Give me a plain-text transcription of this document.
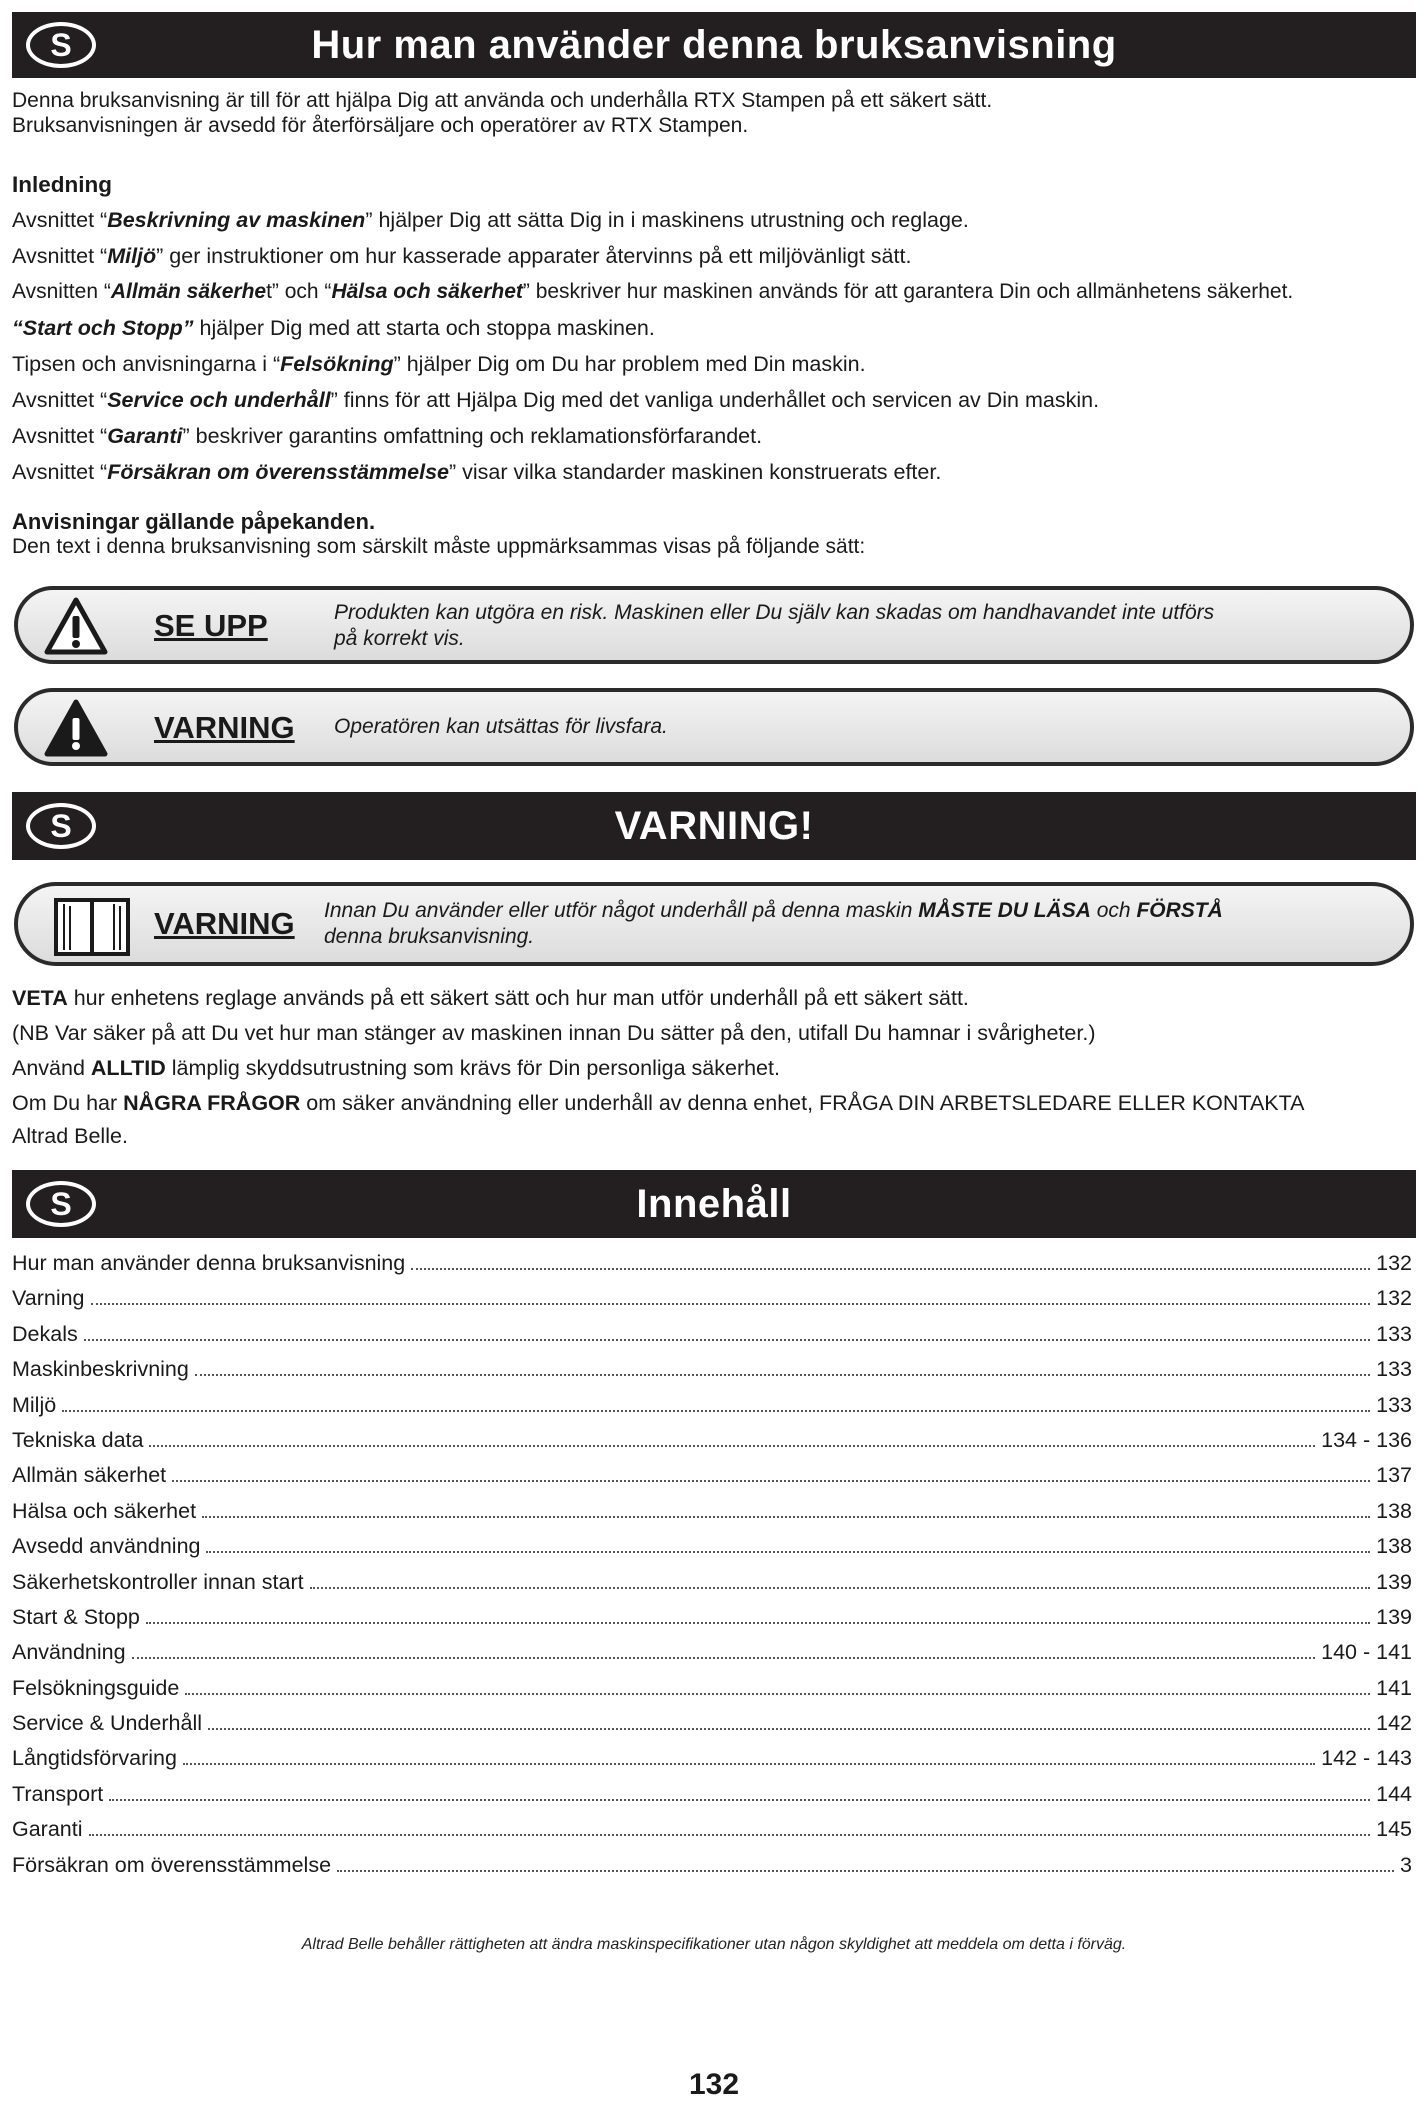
S	Hur man använder denna bruksanvisning

Denna bruksanvisning är till för att hjälpa Dig att använda och underhålla RTX Stampen på ett säkert sätt.

Bruksanvisningen är avsedd för återförsäljare och operatörer av RTX Stampen.

Inledning

Avsnittet “Beskrivning av maskinen” hjälper Dig att sätta Dig in i maskinens utrustning och reglage.

Avsnittet “Miljö” ger instruktioner om hur kasserade apparater återvinns på ett miljövänligt sätt.

Avsnitten “Allmän säkerhet” och “Hälsa och säkerhet” beskriver hur maskinen används för att garantera Din och allmänhetens säkerhet.

“Start och Stopp” hjälper Dig med att starta och stoppa maskinen.

Tipsen och anvisningarna i “Felsökning” hjälper Dig om Du har problem med Din maskin.

Avsnittet “Service och underhåll” finns för att Hjälpa Dig med det vanliga underhållet och servicen av Din maskin.

Avsnittet “Garanti” beskriver garantins omfattning och reklamationsförfarandet.

Avsnittet “Försäkran om överensstämmelse” visar vilka standarder maskinen konstruerats efter.

Anvisningar gällande påpekanden.

Den text i denna bruksanvisning som särskilt måste uppmärksammas visas på följande sätt:

SE UPP	Produkten kan utgöra en risk. Maskinen eller Du själv kan skadas om handhavandet inte utförs
på korrekt vis.
VARNING Operatören kan utsättas för livsfara.
S	VARNING!
VARNING Innan Du använder eller utför något underhåll på denna maskin MÅSTE DU LÄSA och FÖRSTÅ
denna bruksanvisning.

VETA hur enhetens reglage används på ett säkert sätt och hur man utför underhåll på ett säkert sätt.

(NB Var säker på att Du vet hur man stänger av maskinen innan Du sätter på den, utifall Du hamnar i svårigheter.)

Använd ALLTID lämplig skyddsutrustning som krävs för Din personliga säkerhet.

Om Du har NÅGRA FRÅGOR om säker användning eller underhåll av denna enhet, FRÅGA DIN ARBETSLEDARE ELLER KONTAKTA

Altrad Belle.

S	Innehåll
Hur man använder denna bruksanvisning	132
Varning	132
Dekals	133
Maskinbeskrivning	133
Miljö	133
Tekniska data	134 - 136
Allmän säkerhet	137
Hälsa och säkerhet	138
Avsedd användning	138
Säkerhetskontroller innan start	139
Start & Stopp	139
Användning	140 - 141
Felsökningsguide	141
Service & Underhåll	142
Långtidsförvaring	142 - 143
Transport	144
Garanti	145
Försäkran om överensstämmelse	3
Altrad Belle behåller rättigheten att ändra maskinspecifikationer utan någon skyldighet att meddela om detta i förväg.
132
